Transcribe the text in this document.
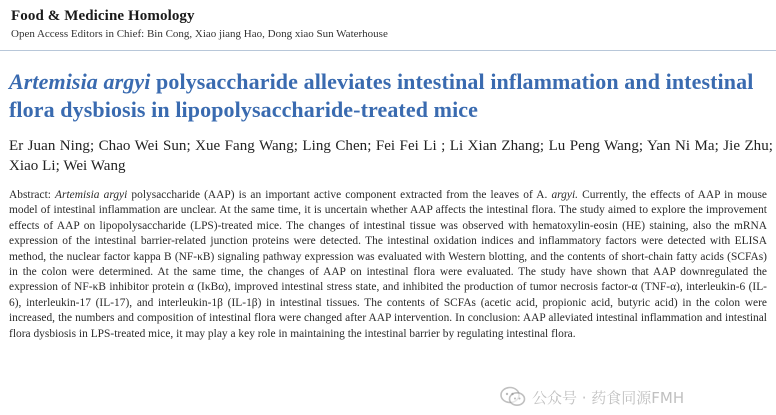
Food & Medicine Homology
Open Access Editors in Chief: Bin Cong, Xiao jiang Hao, Dong xiao Sun Waterhouse
Artemisia argyi polysaccharide alleviates intestinal inflammation and intestinal flora dysbiosis in lipopolysaccharide-treated mice
Er Juan Ning; Chao Wei Sun; Xue Fang Wang; Ling Chen; Fei Fei Li ; Li Xian Zhang; Lu Peng Wang; Yan Ni Ma; Jie Zhu; Xiao Li; Wei Wang
Abstract: Artemisia argyi polysaccharide (AAP) is an important active component extracted from the leaves of A. argyi. Currently, the effects of AAP in mouse model of intestinal inflammation are unclear. At the same time, it is uncertain whether AAP affects the intestinal flora. The study aimed to explore the improvement effects of AAP on lipopolysaccharide (LPS)-treated mice. The changes of intestinal tissue was observed with hematoxylin-eosin (HE) staining, also the mRNA expression of the intestinal barrier-related junction proteins were detected. The intestinal oxidation indices and inflammatory factors were detected with ELISA method, the nuclear factor kappa B (NF-κB) signaling pathway expression was evaluated with Western blotting, and the contents of short-chain fatty acids (SCFAs) in the colon were determined. At the same time, the changes of AAP on intestinal flora were evaluated. The study have shown that AAP downregulated the expression of NF-κB inhibitor protein α (IκBα), improved intestinal stress state, and inhibited the production of tumor necrosis factor-α (TNF-α), interleukin-6 (IL-6), interleukin-17 (IL-17), and interleukin-1β (IL-1β) in intestinal tissues. The contents of SCFAs (acetic acid, propionic acid, butyric acid) in the colon were increased, the numbers and composition of intestinal flora were changed after AAP intervention. In conclusion: AAP alleviated intestinal inflammation and intestinal flora dysbiosis in LPS-treated mice, it may play a key role in maintaining the intestinal barrier by regulating intestinal flora.
公众号 · 药食同源FMH
